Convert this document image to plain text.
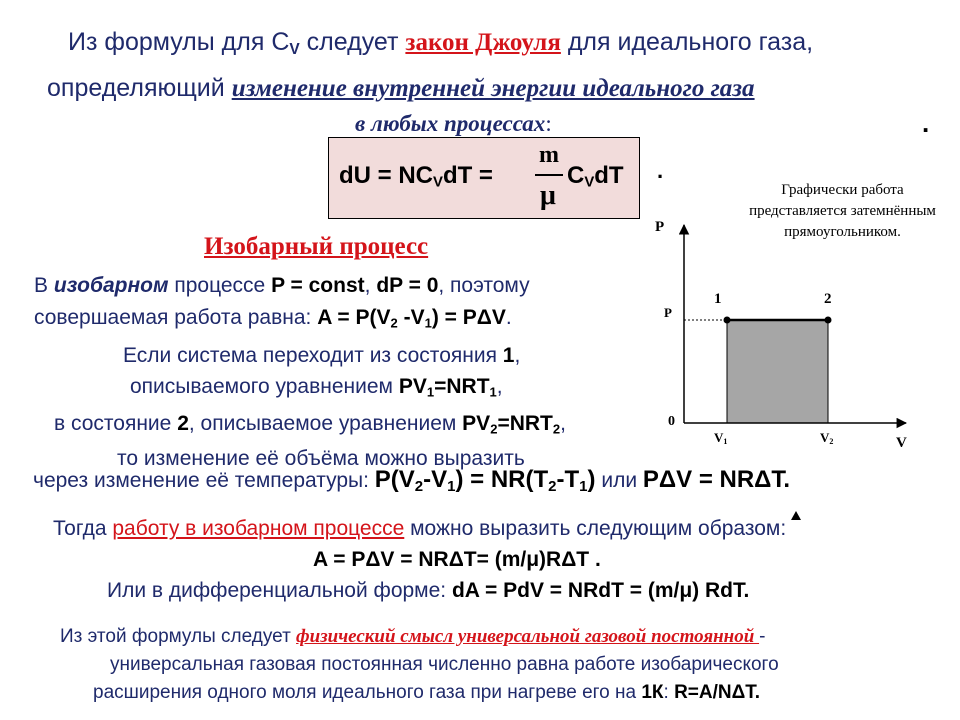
Из формулы для $C_V$ следует закон Джоуля для идеального газа,
определяющий изменение внутренней энергии идеального газа
в любых процессах:	.
dU = $NC_VdT$ =
m
μ
$C_VdT$ .
Графически работа представляется затемнённым прямоугольником.
P
V
P
0
1	2
$V_1$	$V_2$
Изобарный процесс
В изобарном процессе P = const, dP = 0, поэтому
совершаемая работа равна: $A = P(V_2$ $-V_1) = P\Delta V$.
Если система переходит из состояния 1,
описываемого уравнением $PV_1=NRT_1$,
в состояние 2, описываемое уравнением $PV_2=NRT_2$,
то изменение её объёма можно выразить
через изменение её температуры: $P(V_2-V_1) = NR(T_2-T_1)$ или PΔV = NRΔT.
Тогда работу в изобарном процессе можно выразить следующим образом:
A = PΔV = NRΔT= (m/μ)RΔT .
Или в дифференциальной форме: dA = PdV = NRdT = (m/μ) RdT.
Из этой формулы следует физический смысл универсальной газовой постоянной -
универсальная газовая постоянная численно равна работе изобарического
расширения одного моля идеального газа при нагреве его на 1К: R=A/NΔT.
